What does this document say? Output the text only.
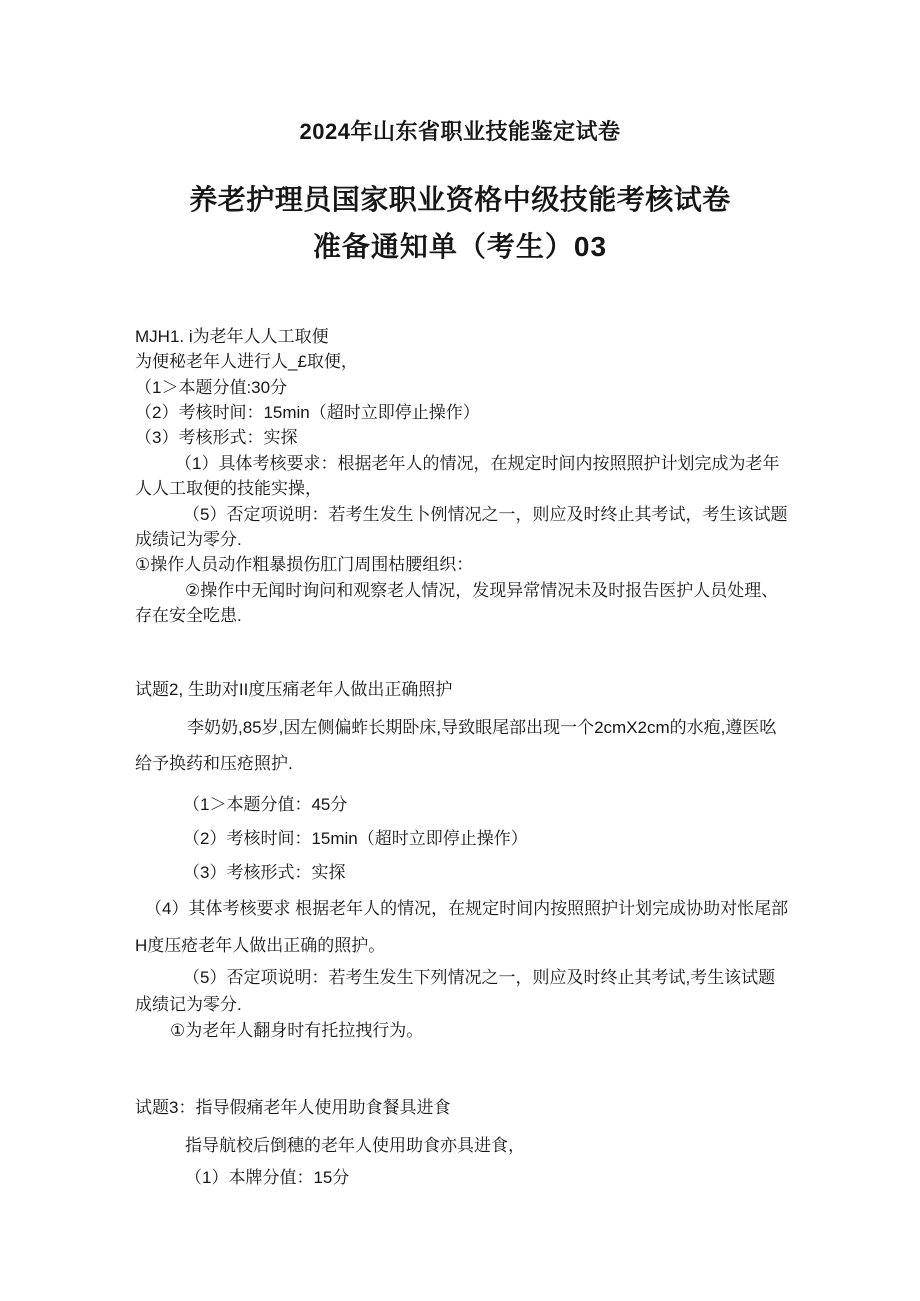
2024年山东省职业技能鉴定试卷
养老护理员国家职业资格中级技能考核试卷
准备通知单（考生）03

MJH1. i为老年人人工取便

为便秘老年人进行人_£取便，

（1＞本题分值:30分

（2）考核时间：15min（超时立即停止操作）

（3）考核形式：实探

（1）具体考核要求：根据老年人的情况，在规定时间内按照照护计划完成为老年人人工取便的技能实操，

（5）否定项说明：若考生发生卜例情况之一，则应及时终止其考试，考生该试题成绩记为零分.

①操作人员动作粗暴损伤肛门周围枯腰组织：

②操作中无闻时询问和观察老人情况，发现异常情况未及时报告医护人员处理、存在安全吃患.

试题2, 生助对II度压痛老年人做出正确照护

李奶奶,85岁,因左侧偏蚱长期卧床,导致眼尾部出现一个2cmX2cm的水疱,遵医吆给予换药和压疮照护.

（1＞本题分值：45分

（2）考核时间：15min（超时立即停止操作）

（3）考核形式：实探

（4）其体考核要求 根据老年人的情况，在规定时间内按照照护计划完成协助对怅尾部H度压疮老年人做出正确的照护。

（5）否定项说明：若考生发生下列情况之一，则应及时终止其考试,考生该试题成绩记为零分.

①为老年人翻身时有托拉拽行为。

试题3：指导假痛老年人使用助食餐具进食

指导航校后倒穗的老年人使用助食亦具进食，

（1）本牌分值：15分
